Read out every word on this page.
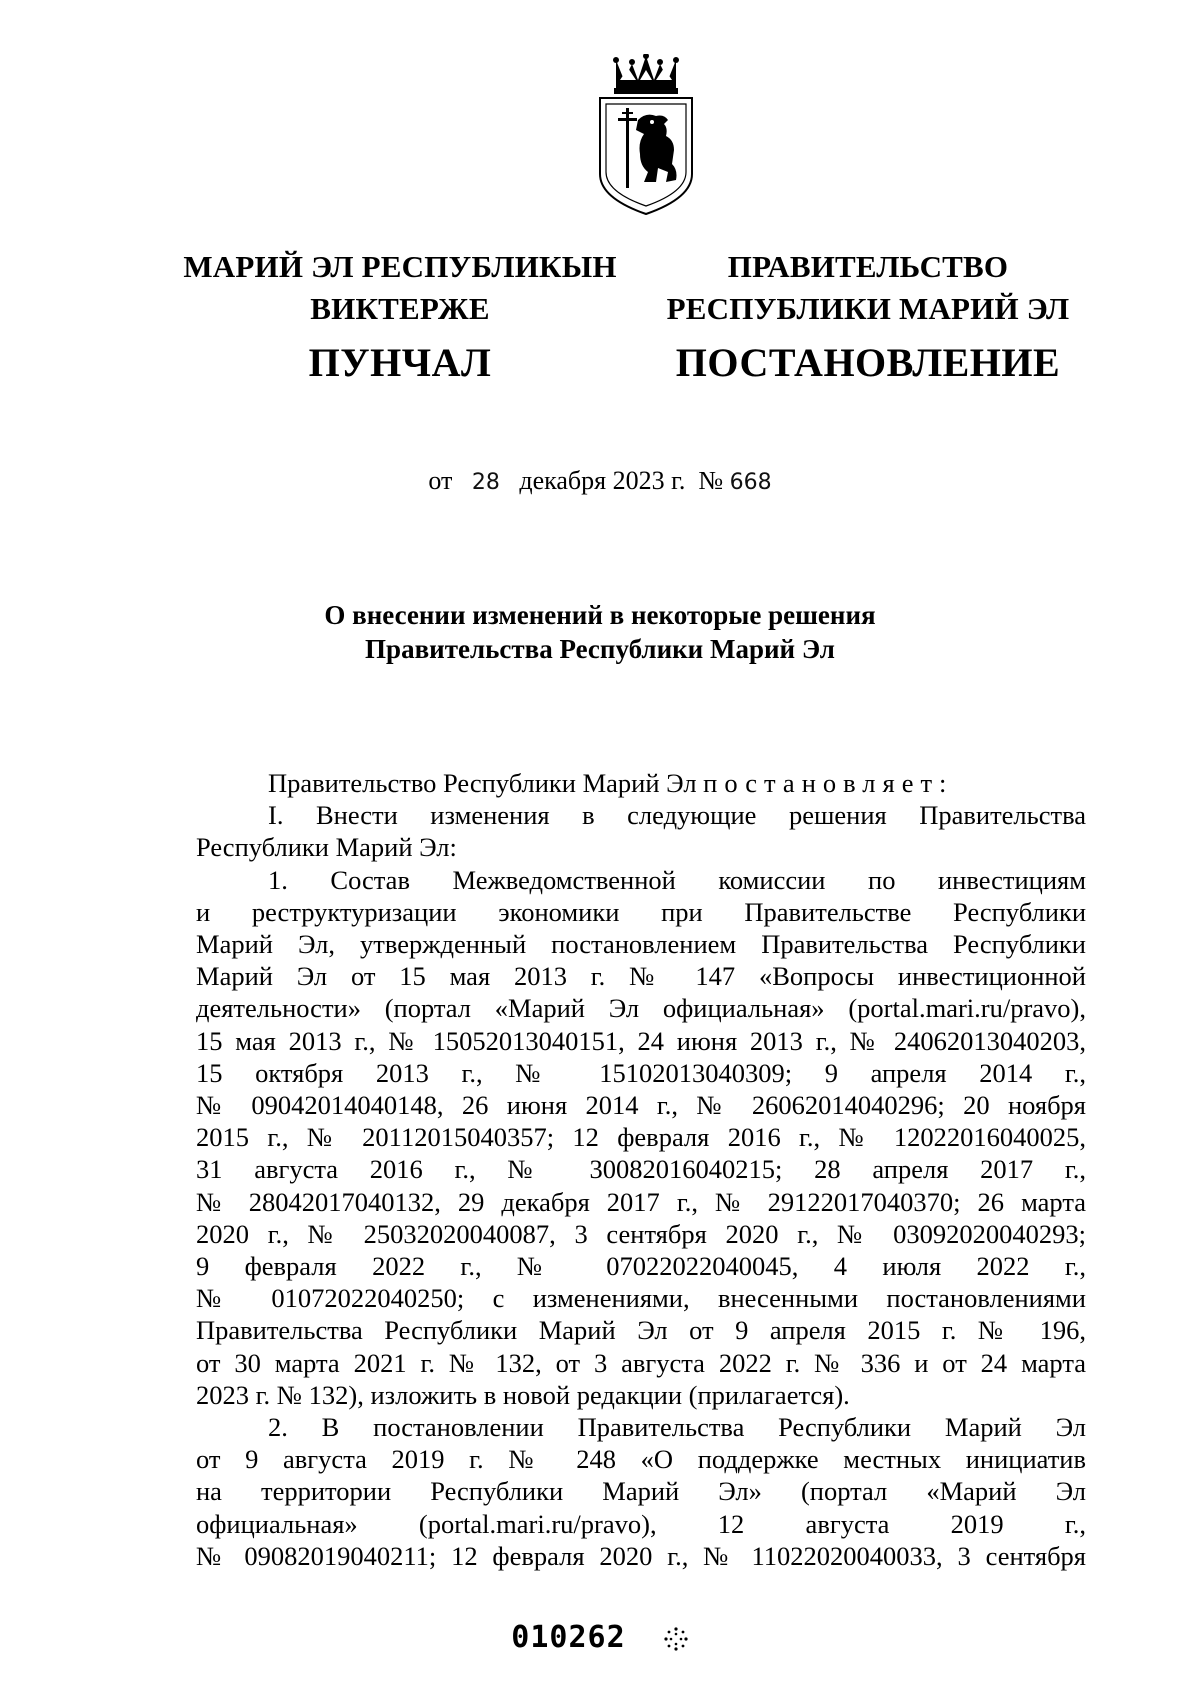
МАРИЙ ЭЛ РЕСПУБЛИКЫН

ВИКТЕРЖЕ

ПУНЧАЛ

ПРАВИТЕЛЬСТВО

РЕСПУБЛИКИ МАРИЙ ЭЛ

ПОСТАНОВЛЕНИЕ

от 28 декабря 2023 г. № 668
О внесении изменений в некоторые решения
Правительства Республики Марий Эл

Правительство Республики Марий Эл постановляет:

I. Внести изменения в следующие решения Правительства

Республики Марий Эл:

1. Состав Межведомственной комиссии по инвестициям

и реструктуризации экономики при Правительстве Республики

Марий Эл, утвержденный постановлением Правительства Республики

Марий Эл от 15 мая 2013 г. № 147 «Вопросы инвестиционной

деятельности» (портал «Марий Эл официальная» (portal.mari.ru/pravo),

15 мая 2013 г., № 15052013040151, 24 июня 2013 г., № 24062013040203,

15 октября 2013 г., № 15102013040309; 9 апреля 2014 г.,

№ 09042014040148, 26 июня 2014 г., № 26062014040296; 20 ноября

2015 г., № 20112015040357; 12 февраля 2016 г., № 12022016040025,

31 августа 2016 г., № 30082016040215; 28 апреля 2017 г.,

№ 28042017040132, 29 декабря 2017 г., № 29122017040370; 26 марта

2020 г., № 25032020040087, 3 сентября 2020 г., № 03092020040293;

9 февраля 2022 г., № 07022022040045, 4 июля 2022 г.,

№ 01072022040250; с изменениями, внесенными постановлениями

Правительства Республики Марий Эл от 9 апреля 2015 г. № 196,

от 30 марта 2021 г. № 132, от 3 августа 2022 г. № 336 и от 24 марта

2023 г. № 132), изложить в новой редакции (прилагается).

2. В постановлении Правительства Республики Марий Эл

от 9 августа 2019 г. № 248 «О поддержке местных инициатив

на территории Республики Марий Эл» (портал «Марий Эл

официальная» (portal.mari.ru/pravo), 12 августа 2019 г.,

№ 09082019040211; 12 февраля 2020 г., № 11022020040033, 3 сентября

010262
